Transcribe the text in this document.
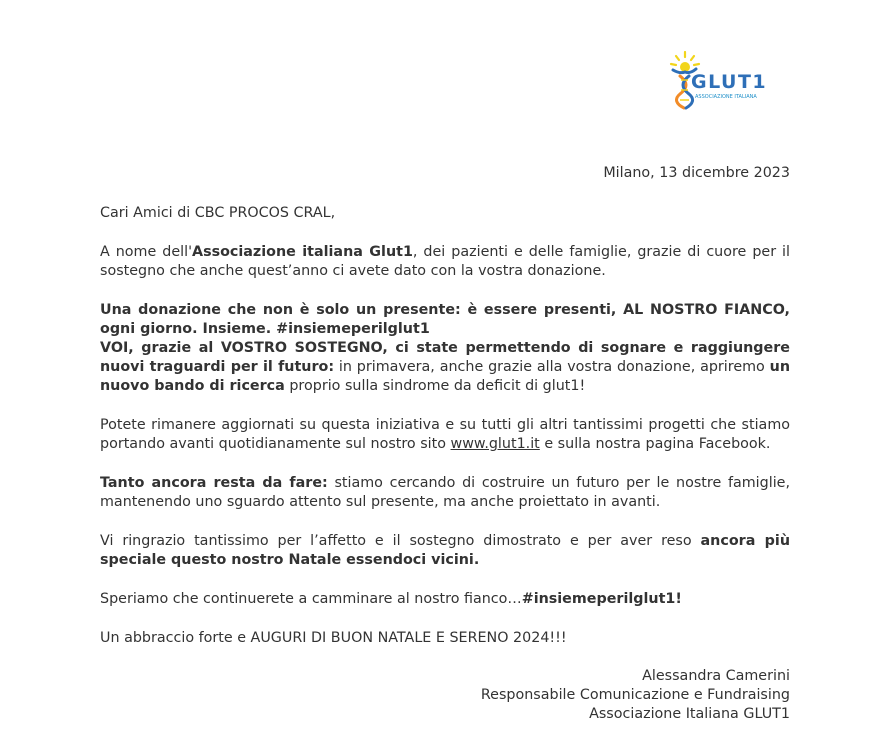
GLUT1
ASSOCIAZIONE ITALIANA

Milano, 13 dicembre 2023

Cari Amici di CBC PROCOS CRAL,

A nome dell'Associazione italiana Glut1, dei pazienti e delle famiglie, grazie di cuore per il sostegno che anche quest’anno ci avete dato con la vostra donazione.

Una donazione che non è solo un presente: è essere presenti, AL NOSTRO FIANCO, ogni giorno. Insieme. #insiemeperilglut1
VOI, grazie al VOSTRO SOSTEGNO, ci state permettendo di sognare e raggiungere nuovi traguardi per il futuro: in primavera, anche grazie alla vostra donazione, apriremo un nuovo bando di ricerca proprio sulla sindrome da deficit di glut1!

Potete rimanere aggiornati su questa iniziativa e su tutti gli altri tantissimi progetti che stiamo portando avanti quotidianamente sul nostro sito www.glut1.it e sulla nostra pagina Facebook.

Tanto ancora resta da fare: stiamo cercando di costruire un futuro per le nostre famiglie, mantenendo uno sguardo attento sul presente, ma anche proiettato in avanti.

Vi ringrazio tantissimo per l’affetto e il sostegno dimostrato e per aver reso ancora più speciale questo nostro Natale essendoci vicini.

Speriamo che continuerete a camminare al nostro fianco…#insiemeperilglut1!

Un abbraccio forte e AUGURI DI BUON NATALE E SERENO 2024!!!

Alessandra Camerini
Responsabile Comunicazione e Fundraising
Associazione Italiana GLUT1
